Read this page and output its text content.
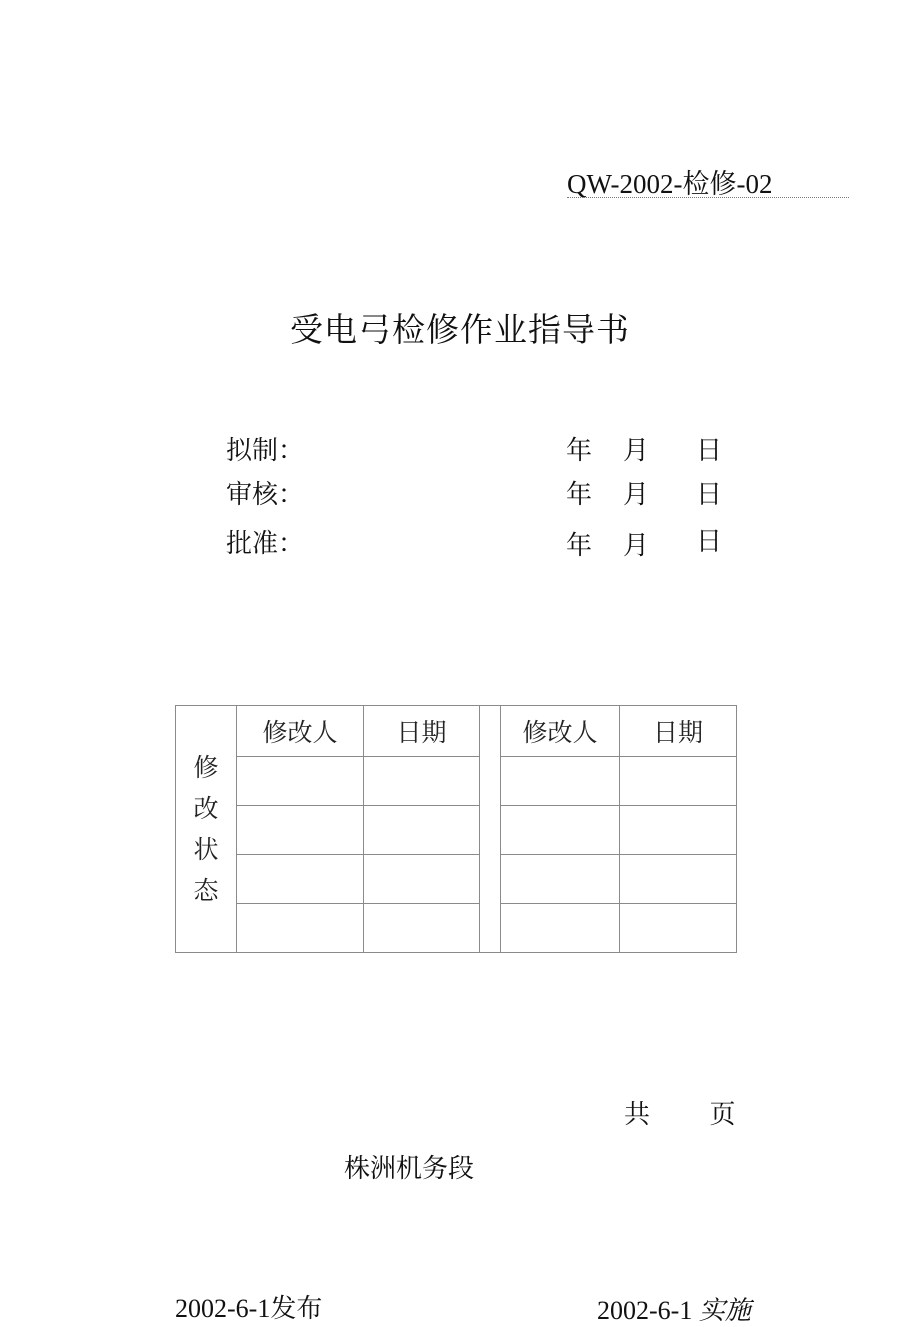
QW-2002-检修-02
受电弓检修作业指导书
拟制：	年 月 日
审核：	年 月 日
批准：	年 月 日
修
改
状
态	修改人	日期		修改人	日期

共 页
株洲机务段
2002-6-1发布	2002-6-1 实施
